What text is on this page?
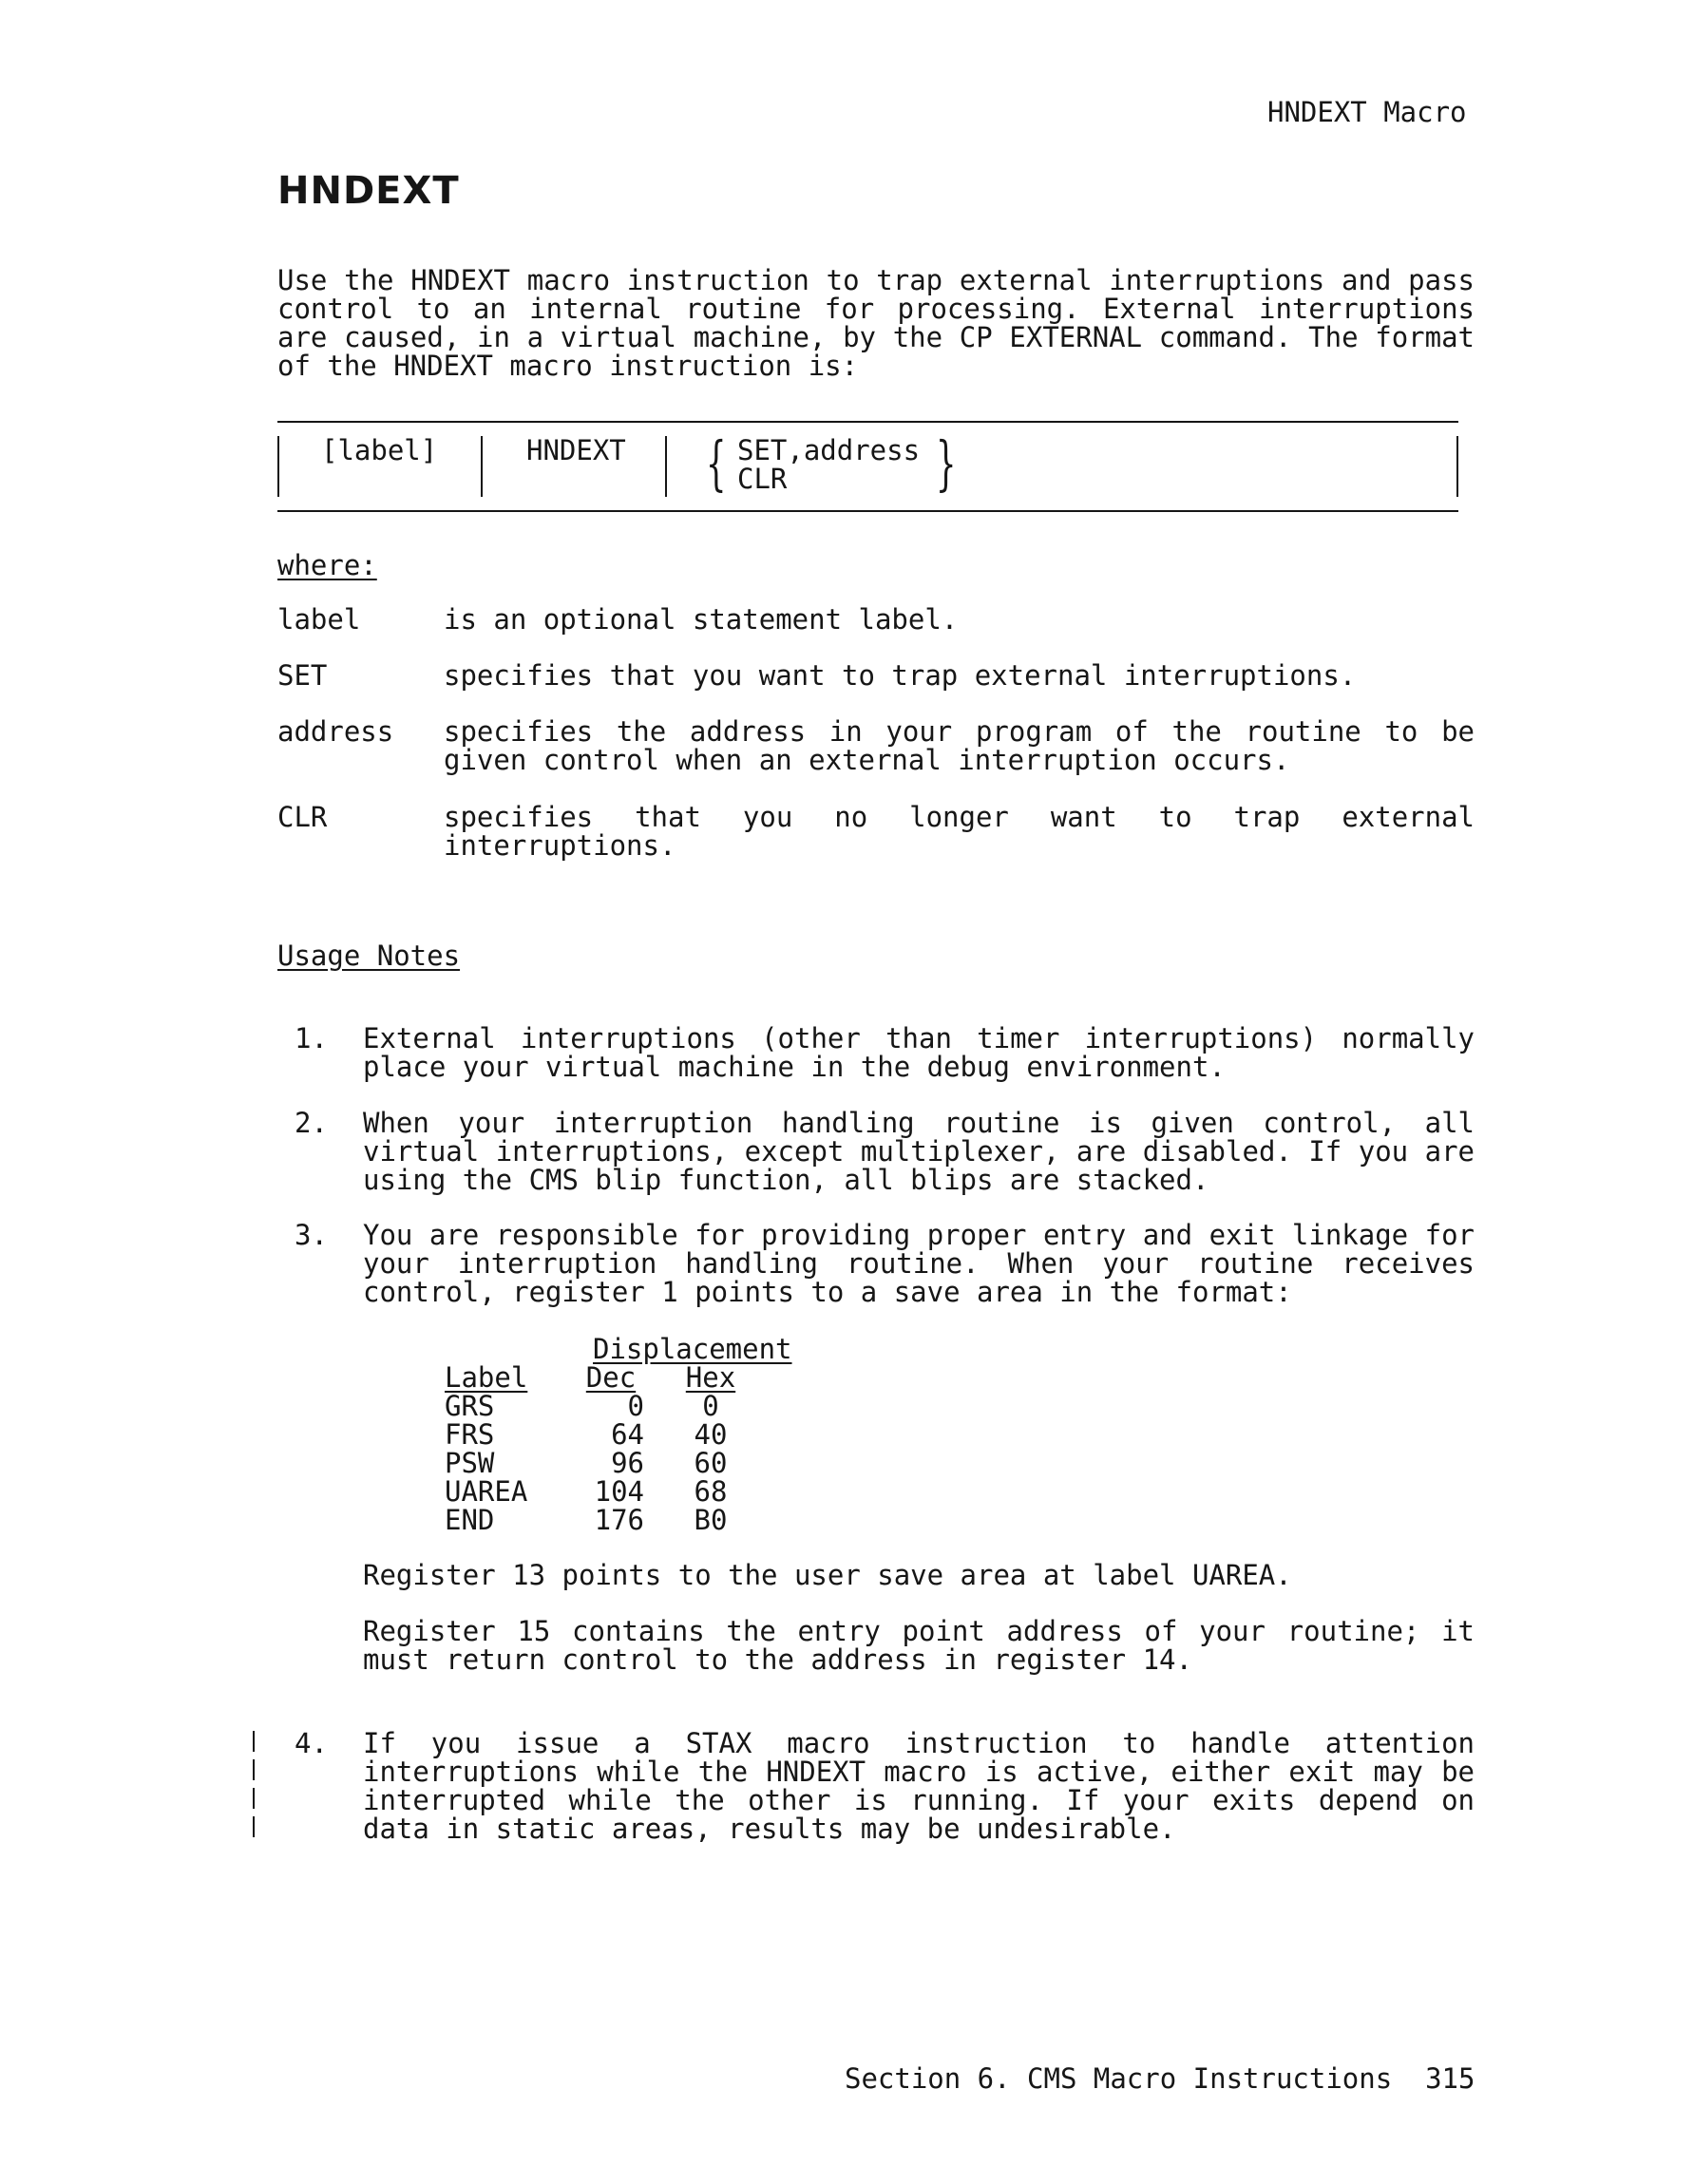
HNDEXT Macro
HNDEXT
Use the HNDEXT macro instruction to trap external interruptions and pass control to an internal routine for processing. External interruptions are caused, in a virtual machine, by the CP EXTERNAL command. The format of the HNDEXT macro instruction is:
[label]	HNDEXT { SET,address
CLR	}
where:
label	is an optional statement label.
SET	specifies that you want to trap external interruptions.
address specifies the address in your program of the routine to be given control when an external interruption occurs.
CLR	specifies that you no longer want to trap external interruptions.
Usage Notes
1. External interruptions (other than timer interruptions) normally place your virtual machine in the debug environment.
2. When your interruption handling routine is given control, all virtual interruptions, except multiplexer, are disabled. If you are using the CMS blip function, all blips are stacked.
3. You are responsible for providing proper entry and exit linkage for your interruption handling routine. When your routine receives control, register 1 points to a save area in the format:
Displacement
Label	Dec	Hex
GRS	0	0
FRS	64	40
PSW	96	60
UAREA	104	68
END	176	B0
Register 13 points to the user save area at label UAREA.
Register 15 contains the entry point address of your routine; it must return control to the address in register 14.
4. If you issue a STAX macro instruction to handle attention interruptions while the HNDEXT macro is active, either exit may be interrupted while the other is running. If your exits depend on data in static areas, results may be undesirable.
Section 6. CMS Macro Instructions 315
